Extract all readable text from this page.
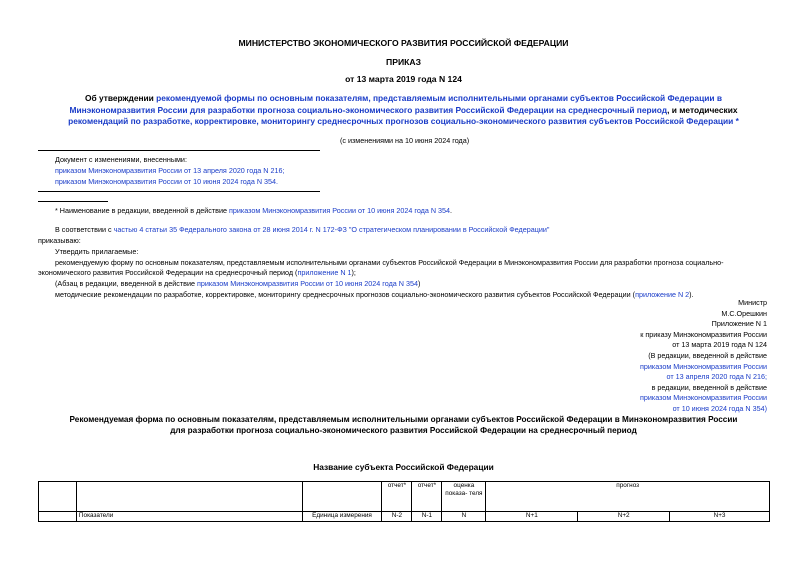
МИНИСТЕРСТВО ЭКОНОМИЧЕСКОГО РАЗВИТИЯ РОССИЙСКОЙ ФЕДЕРАЦИИ
ПРИКАЗ
от 13 марта 2019 года N 124
Об утверждении рекомендуемой формы по основным показателям, представляемым исполнительными органами субъектов Российской Федерации в
Минэкономразвития России для разработки прогноза социально-экономического развития Российской Федерации на среднесрочный период, и методических
рекомендаций по разработке, корректировке, мониторингу среднесрочных прогнозов социально-экономического развития субъектов Российской Федерации *
(с изменениями на 10 июня 2024 года)
Документ с изменениями, внесенными:
приказом Минэкономразвития России от 13 апреля 2020 года N 216;
приказом Минэкономразвития России от 10 июня 2024 года N 354.
* Наименование в редакции, введенной в действие приказом Минэкономразвития России от 10 июня 2024 года N 354.
В соответствии с частью 4 статьи 35 Федерального закона от 28 июня 2014 г. N 172-ФЗ "О стратегическом планировании в Российской Федерации"
приказываю:
Утвердить прилагаемые:
рекомендуемую форму по основным показателям, представляемым исполнительными органами субъектов Российской Федерации в Минэкономразвития России для разработки прогноза социально-
экономического развития Российской Федерации на среднесрочный период (приложение N 1);
(Абзац в редакции, введенной в действие приказом Минэкономразвития России от 10 июня 2024 года N 354)
методические рекомендации по разработке, корректировке, мониторингу среднесрочных прогнозов социально-экономического развития субъектов Российской Федерации (приложение N 2).
Министр
М.С.Орешкин
Приложение N 1
к приказу Минэкономразвития России
от 13 марта 2019 года N 124
(В редакции, введенной в действие
приказом Минэкономразвития России
от 13 апреля 2020 года N 216;
в редакции, введенной в действие
приказом Минэкономразвития России
от 10 июня 2024 года N 354)
Рекомендуемая форма по основным показателям, представляемым исполнительными органами субъектов Российской Федерации в Минэкономразвития России
для разработки прогноза социально-экономического развития Российской Федерации на среднесрочный период
Название субъекта Российской Федерации
			отчет*	отчет*	оценка показа- теля	прогноз		
	Показатели	Единица измерения	N-2	N-1	N	N+1	N+2	N+3
